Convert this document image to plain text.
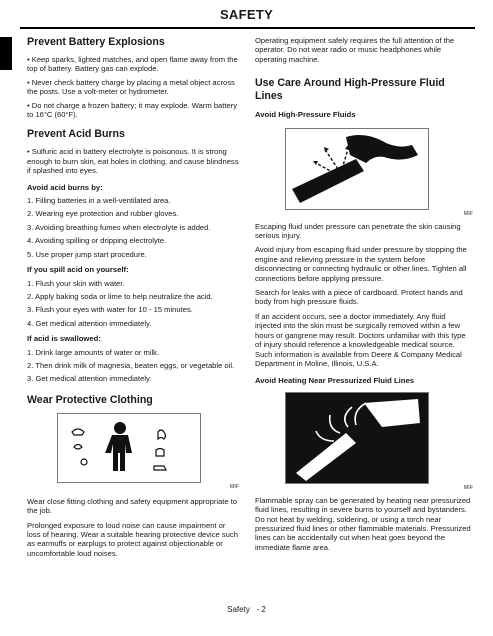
SAFETY
Prevent Battery Explosions

• Keep sparks, lighted matches, and open flame away from the top of battery. Battery gas can explode.

• Never check battery charge by placing a metal object across the posts. Use a volt-meter or hydrometer.

• Do not charge a frozen battery; it may explode. Warm battery to 16°C (60°F).

Prevent Acid Burns

• Sulfuric acid in battery electrolyte is poisonous. It is strong enough to burn skin, eat holes in clothing, and cause blindness if splashed into eyes.

Avoid acid burns by:

1. Filling batteries in a well-ventilated area.

2. Wearing eye protection and rubber gloves.

3. Avoiding breathing fumes when electrolyte is added.

4. Avoiding spilling or dripping electrolyte.

5. Use proper jump start procedure.

If you spill acid on yourself:

1. Flush your skin with water.

2. Apply baking soda or lime to help neutralize the acid.

3. Flush your eyes with water for 10 - 15 minutes.

4. Get medical attention immediately.

If acid is swallowed:

1. Drink large amounts of water or milk.

2. Then drink milk of magnesia, beaten eggs, or vegetable oil.

3. Get medical attention immediately.

Wear Protective Clothing
MIF

Wear close fitting clothing and safety equipment appropriate to the job.

Prolonged exposure to loud noise can cause impairment or loss of hearing. Wear a suitable hearing protective device such as earmuffs or earplugs to protect against objectionable or uncomfortable loud noises.

Operating equipment safely requires the full attention of the operator. Do not wear radio or music headphones while operating machine.

Use Care Around High-Pressure Fluid Lines
Avoid High-Pressure Fluids
MIF

Escaping fluid under pressure can penetrate the skin causing serious injury.

Avoid injury from escaping fluid under pressure by stopping the engine and relieving pressure in the system before disconnecting or connecting hydraulic or other lines. Tighten all connections before applying pressure.

Search for leaks with a piece of cardboard. Protect hands and body from high pressure fluids.

If an accident occurs, see a doctor immediately. Any fluid injected into the skin must be surgically removed within a few hours or gangrene may result. Doctors unfamiliar with this type of injury should reference a knowledgeable medical source. Such information is available from Deere & Company Medical Department in Moline, Illinois, U.S.A.

Avoid Heating Near Pressurized Fluid Lines
MIF

Flammable spray can be generated by heating near pressurized fluid lines, resulting in severe burns to yourself and bystanders. Do not heat by welding, soldering, or using a torch near pressurized fluid lines or other flammable materials. Pressurized lines can be accidentally cut when heat goes beyond the immediate flame area.

Safety - 2
